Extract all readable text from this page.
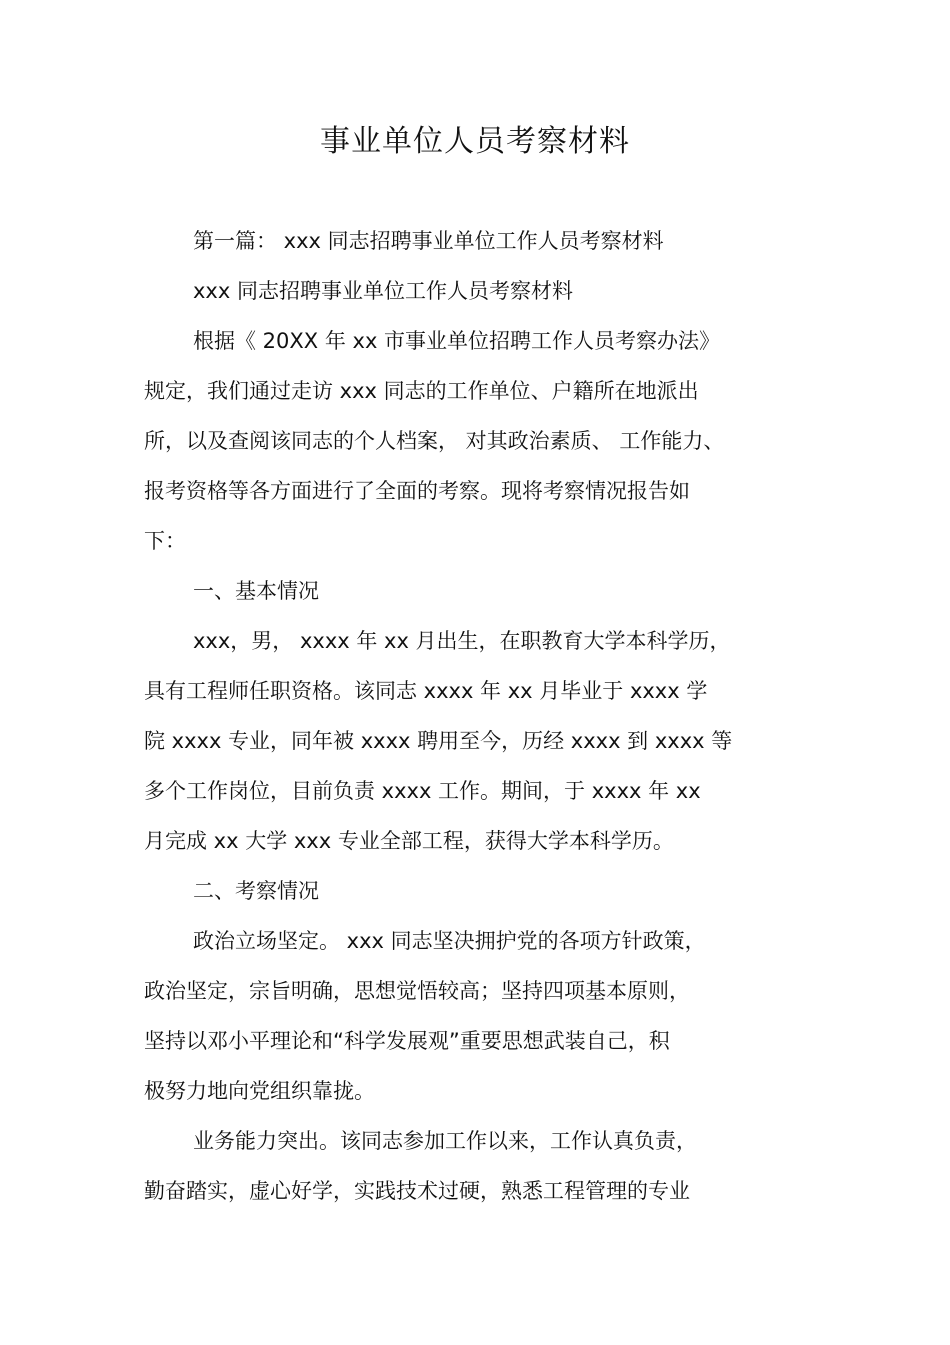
事业单位人员考察材料
第一篇： xxx 同志招聘事业单位工作人员考察材料
xxx 同志招聘事业单位工作人员考察材料
根据《 20XX 年 xx 市事业单位招聘工作人员考察办法》
规定，我们通过走访 xxx 同志的工作单位、户籍所在地派出
所，以及查阅该同志的个人档案， 对其政治素质、 工作能力、
报考资格等各方面进行了全面的考察。现将考察情况报告如
下：
一、基本情况
xxx，男， xxxx 年 xx 月出生，在职教育大学本科学历，
具有工程师任职资格。该同志 xxxx 年 xx 月毕业于 xxxx 学
院 xxxx 专业，同年被 xxxx 聘用至今，历经 xxxx 到 xxxx 等
多个工作岗位，目前负责 xxxx 工作。期间，于 xxxx 年 xx
月完成 xx 大学 xxx 专业全部工程，获得大学本科学历。
二、考察情况
政治立场坚定。 xxx 同志坚决拥护党的各项方针政策，
政治坚定，宗旨明确，思想觉悟较高；坚持四项基本原则，
坚持以邓小平理论和“科学发展观”重要思想武装自己，积
极努力地向党组织靠拢。
业务能力突出。该同志参加工作以来，工作认真负责，
勤奋踏实，虚心好学，实践技术过硬，熟悉工程管理的专业
